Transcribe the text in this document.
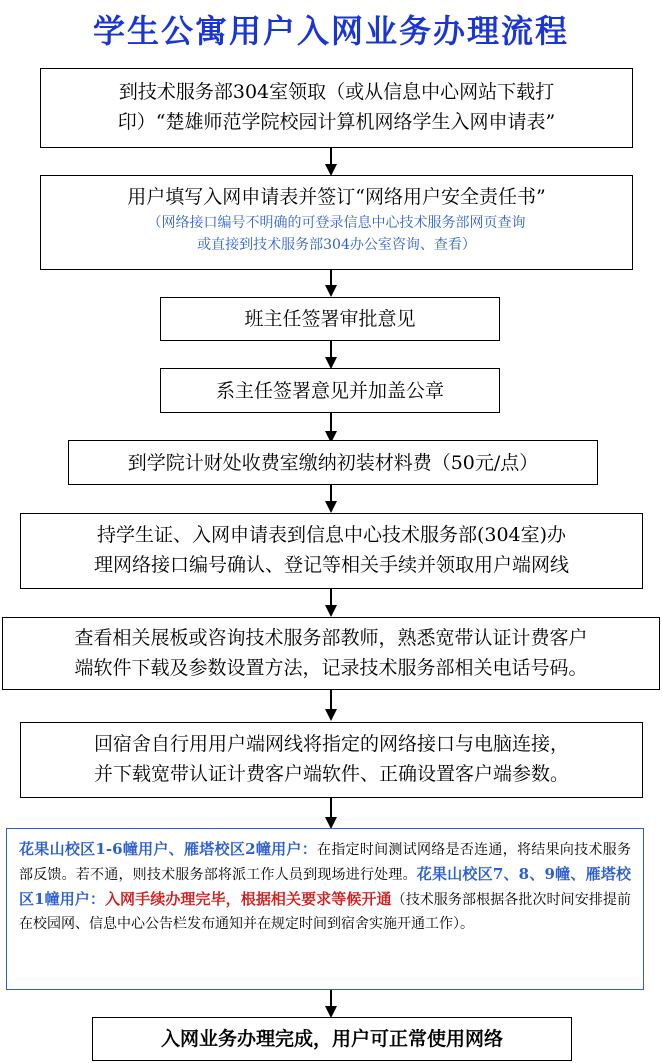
学生公寓用户入网业务办理流程
到技术服务部304室领取（或从信息中心网站下载打
印）“楚雄师范学院校园计算机网络学生入网申请表”
用户填写入网申请表并签订“网络用户安全责任书”
（网络接口编号不明确的可登录信息中心技术服务部网页查询
或直接到技术服务部304办公室咨询、查看）
班主任签署审批意见
系主任签署意见并加盖公章
到学院计财处收费室缴纳初装材料费（50元/点）
持学生证、入网申请表到信息中心技术服务部(304室)办
理网络接口编号确认、登记等相关手续并领取用户端网线
查看相关展板或咨询技术服务部教师，熟悉宽带认证计费客户
端软件下载及参数设置方法，记录技术服务部相关电话号码。
回宿舍自行用用户端网线将指定的网络接口与电脑连接，
并下载宽带认证计费客户端软件、正确设置客户端参数。
花果山校区1-6幢用户、雁塔校区2幢用户：在指定时间测试网络是否连通，将结果向技术服务部反馈。若不通，则技术服务部将派工作人员到现场进行处理。花果山校区7、8、9幢、雁塔校区1幢用户：入网手续办理完毕，根据相关要求等候开通（技术服务部根据各批次时间安排提前在校园网、信息中心公告栏发布通知并在规定时间到宿舍实施开通工作）。
入网业务办理完成，用户可正常使用网络
